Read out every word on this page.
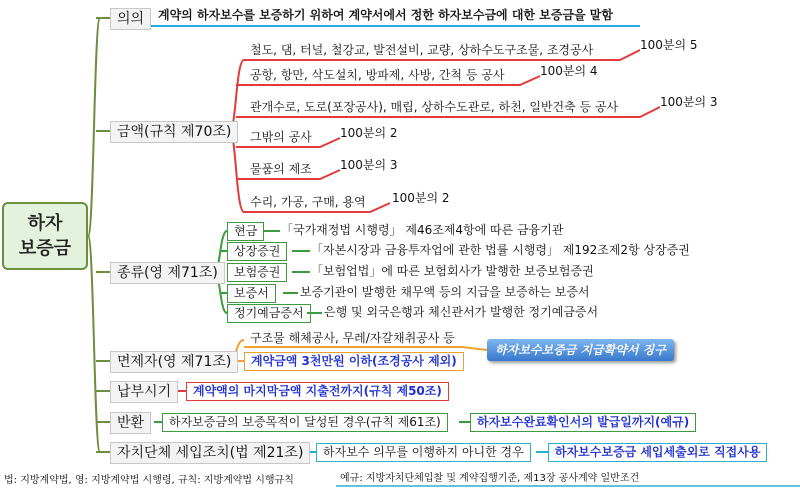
하자
보증금
의의	계약의 하자보수를 보증하기 위하여 계약서에서 정한 하자보수금에 대한 보증금을 말함
금액(규칙 제70조)
철도, 댐, 터널, 철강교, 발전설비, 교량, 상하수도구조물, 조경공사	100분의 5
공항, 항만, 삭도설치, 방파제, 사방, 간척 등 공사	100분의 4
관개수로, 도로(포장공사), 매립, 상하수도관로, 하천, 일반건축 등 공사	100분의 3
그밖의 공사 100분의 2
물품의 제조 100분의 3
수리, 가공, 구매, 용역 100분의 2
종류(영 제71조)
현금	「국가재정법 시행령」 제46조제4항에 따른 금융기관
상장증권	「자본시장과 금융투자업에 관한 법률 시행령」 제192조제2항 상장증권
보험증권	「보험업법」에 따른 보험회사가 발행한 보증보험증권
보증서	보증기관이 발행한 채무액 등의 지급을 보증하는 보증서
정기예금증서	은행 및 외국은행과 체신관서가 발행한 정기예금증서
면제자(영 제71조)
구조물 해체공사, 무레/자갈채취공사 등
계약금액 3천만원 이하(조경공사 제외)
하자보수보증금 지급확약서 징구
납부시기	계약액의 마지막금액 지출전까지(규칙 제50조)
반환	하자보증금의 보증목적이 달성된 경우(규칙 제61조)	하자보수완료확인서의 발급일까지(예규)
자치단체 세입조치(법 제21조)	하자보수 의무를 이행하지 아니한 경우	하자보수보증금 세입세출외로 직접사용
법: 지방계약법, 영: 지방계약법 시행령, 규칙: 지방계약법 시행규칙	예규: 지방자치단체입찰 및 계약집행기준, 제13장 공사계약 일반조건
